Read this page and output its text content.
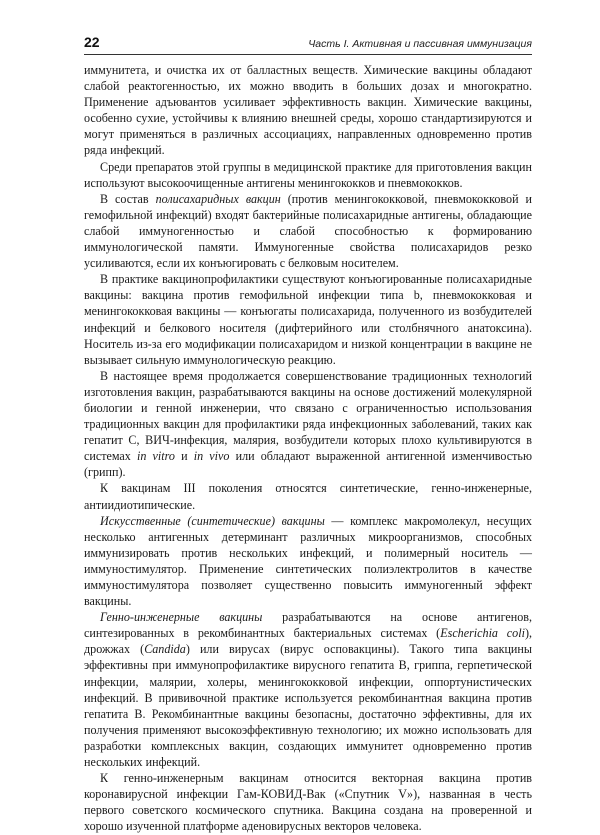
22	Часть I. Активная и пассивная иммунизация

иммунитета, и очистка их от балластных веществ. Химические вакцины обладают слабой реактогенностью, их можно вводить в больших дозах и многократно. Применение адъювантов усиливает эффективность вакцин. Химические вакцины, особенно сухие, устойчивы к влиянию внешней среды, хорошо стандартизируются и могут применяться в различных ассоциациях, направленных одновременно против ряда инфекций.

Среди препаратов этой группы в медицинской практике для приготовления вакцин используют высокоочищенные антигены менингококков и пневмококков.

В состав полисахаридных вакцин (против менингококковой, пневмококковой и гемофильной инфекций) входят бактерийные полисахаридные антигены, обладающие слабой иммуногенностью и слабой способностью к формированию иммунологической памяти. Иммуногенные свойства полисахаридов резко усиливаются, если их конъюгировать с белковым носителем.

В практике вакцинопрофилактики существуют конъюгированные полисахаридные вакцины: вакцина против гемофильной инфекции типа b, пневмококковая и менингококковая вакцины — конъюгаты полисахарида, полученного из возбудителей инфекций и белкового носителя (дифтерийного или столбнячного анатоксина). Носитель из-за его модификации полисахаридом и низкой концентрации в вакцине не вызывает сильную иммунологическую реакцию.

В настоящее время продолжается совершенствование традиционных технологий изготовления вакцин, разрабатываются вакцины на основе достижений молекулярной биологии и генной инженерии, что связано с ограниченностью использования традиционных вакцин для профилактики ряда инфекционных заболеваний, таких как гепатит С, ВИЧ-инфекция, малярия, возбудители которых плохо культивируются в системах in vitro и in vivo или обладают выраженной антигенной изменчивостью (грипп).

К вакцинам III поколения относятся синтетические, генно-инженерные, антиидиотипические.

Искусственные (синтетические) вакцины — комплекс макромолекул, несущих несколько антигенных детерминант различных микроорганизмов, способных иммунизировать против нескольких инфекций, и полимерный носитель — иммуностимулятор. Применение синтетических полиэлектролитов в качестве иммуностимулятора позволяет существенно повысить иммуногенный эффект вакцины.

Генно-инженерные вакцины разрабатываются на основе антигенов, синтезированных в рекомбинантных бактериальных системах (Escherichia coli), дрожжах (Candida) или вирусах (вирус осповакцины). Такого типа вакцины эффективны при иммунопрофилактике вирусного гепатита В, гриппа, герпетической инфекции, малярии, холеры, менингококковой инфекции, оппортунистических инфекций. В прививочной практике используется рекомбинантная вакцина против гепатита В. Рекомбинантные вакцины безопасны, достаточно эффективны, для их получения применяют высокоэффективную технологию; их можно использовать для разработки комплексных вакцин, создающих иммунитет одновременно против нескольких инфекций.

К генно-инженерным вакцинам относится векторная вакцина против коронавирусной инфекции Гам-КОВИД-Вак («Спутник V»), названная в честь первого советского космического спутника. Вакцина создана на проверенной и хорошо изученной платформе аденовирусных векторов человека.
